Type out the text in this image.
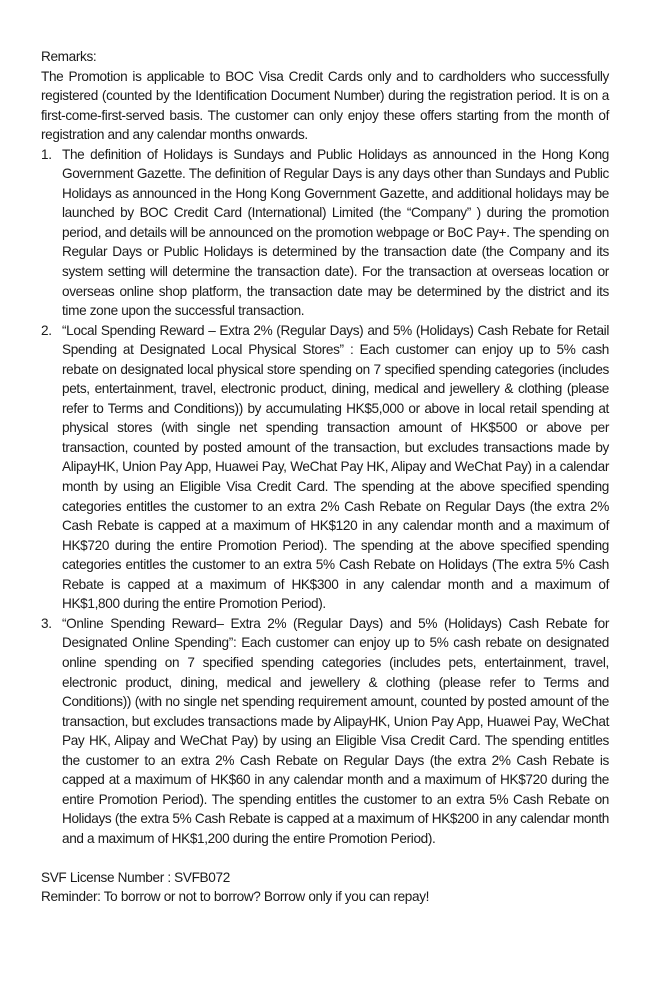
Remarks:

The Promotion is applicable to BOC Visa Credit Cards only and to cardholders who successfully registered (counted by the Identification Document Number) during the registration period. It is on a first-come-first-served basis. The customer can only enjoy these offers starting from the month of registration and any calendar months onwards.

1. The definition of Holidays is Sundays and Public Holidays as announced in the Hong Kong Government Gazette. The definition of Regular Days is any days other than Sundays and Public Holidays as announced in the Hong Kong Government Gazette, and additional holidays may be launched by BOC Credit Card (International) Limited (the “Company” ) during the promotion period, and details will be announced on the promotion webpage or BoC Pay+. The spending on Regular Days or Public Holidays is determined by the transaction date (the Company and its system setting will determine the transaction date). For the transaction at overseas location or overseas online shop platform, the transaction date may be determined by the district and its time zone upon the successful transaction.
2. “Local Spending Reward – Extra 2% (Regular Days) and 5% (Holidays) Cash Rebate for Retail Spending at Designated Local Physical Stores” : Each customer can enjoy up to 5% cash rebate on designated local physical store spending on 7 specified spending categories (includes pets, entertainment, travel, electronic product, dining, medical and jewellery & clothing (please refer to Terms and Conditions)) by accumulating HK$5,000 or above in local retail spending at physical stores (with single net spending transaction amount of HK$500 or above per transaction, counted by posted amount of the transaction, but excludes transactions made by AlipayHK, Union Pay App, Huawei Pay, WeChat Pay HK, Alipay and WeChat Pay) in a calendar month by using an Eligible Visa Credit Card. The spending at the above specified spending categories entitles the customer to an extra 2% Cash Rebate on Regular Days (the extra 2% Cash Rebate is capped at a maximum of HK$120 in any calendar month and a maximum of HK$720 during the entire Promotion Period). The spending at the above specified spending categories entitles the customer to an extra 5% Cash Rebate on Holidays (The extra 5% Cash Rebate is capped at a maximum of HK$300 in any calendar month and a maximum of HK$1,800 during the entire Promotion Period).
3. “Online Spending Reward– Extra 2% (Regular Days) and 5% (Holidays) Cash Rebate for Designated Online Spending”: Each customer can enjoy up to 5% cash rebate on designated online spending on 7 specified spending categories (includes pets, entertainment, travel, electronic product, dining, medical and jewellery & clothing (please refer to Terms and Conditions)) (with no single net spending requirement amount, counted by posted amount of the transaction, but excludes transactions made by AlipayHK, Union Pay App, Huawei Pay, WeChat Pay HK, Alipay and WeChat Pay) by using an Eligible Visa Credit Card. The spending entitles the customer to an extra 2% Cash Rebate on Regular Days (the extra 2% Cash Rebate is capped at a maximum of HK$60 in any calendar month and a maximum of HK$720 during the entire Promotion Period). The spending entitles the customer to an extra 5% Cash Rebate on Holidays (the extra 5% Cash Rebate is capped at a maximum of HK$200 in any calendar month and a maximum of HK$1,200 during the entire Promotion Period).

SVF License Number : SVFB072

Reminder: To borrow or not to borrow? Borrow only if you can repay!
